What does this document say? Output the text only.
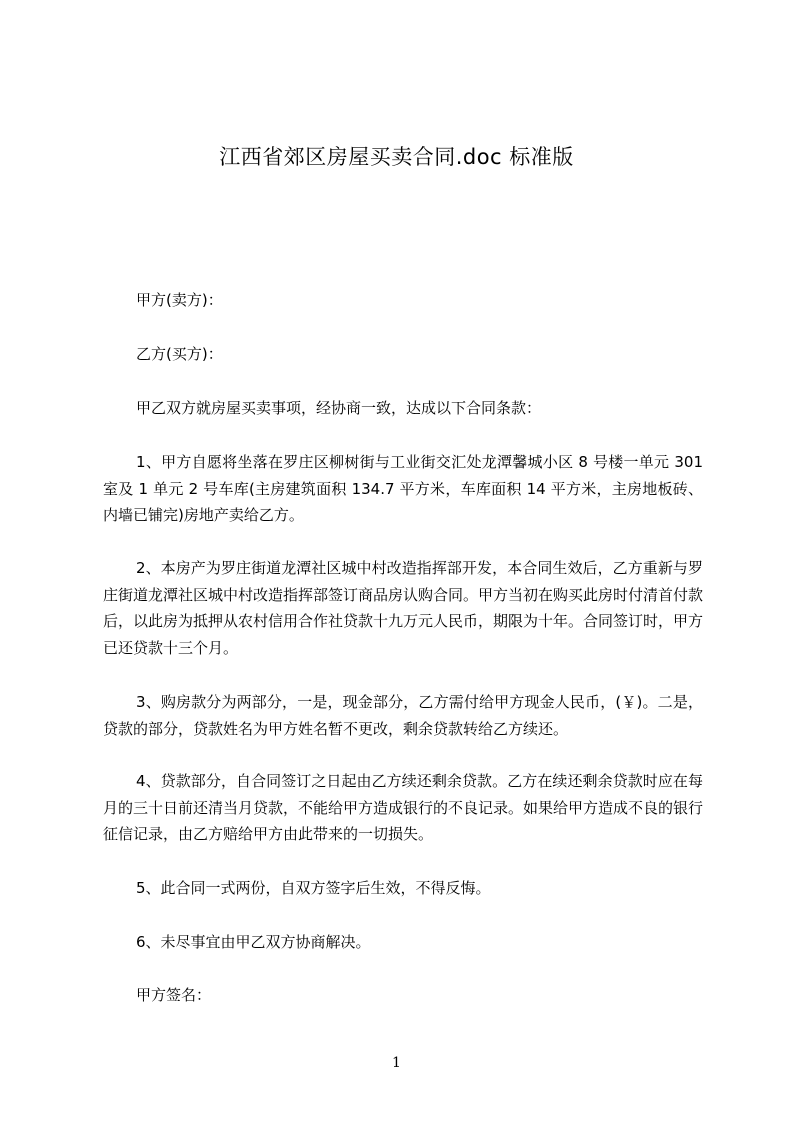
江西省郊区房屋买卖合同.doc 标准版

甲方(卖方)：

乙方(买方)：

甲乙双方就房屋买卖事项，经协商一致，达成以下合同条款：

1、甲方自愿将坐落在罗庄区柳树街与工业街交汇处龙潭馨城小区 8 号楼一单元 301 室及 1 单元 2 号车库(主房建筑面积 134.7 平方米，车库面积 14 平方米，主房地板砖、内墙已铺完)房地产卖给乙方。

2、本房产为罗庄街道龙潭社区城中村改造指挥部开发，本合同生效后，乙方重新与罗庄街道龙潭社区城中村改造指挥部签订商品房认购合同。甲方当初在购买此房时付清首付款后，以此房为抵押从农村信用合作社贷款十九万元人民币，期限为十年。合同签订时，甲方已还贷款十三个月。

3、购房款分为两部分，一是，现金部分，乙方需付给甲方现金人民币，(￥)。二是，贷款的部分，贷款姓名为甲方姓名暂不更改，剩余贷款转给乙方续还。

4、贷款部分，自合同签订之日起由乙方续还剩余贷款。乙方在续还剩余贷款时应在每月的三十日前还清当月贷款，不能给甲方造成银行的不良记录。如果给甲方造成不良的银行征信记录，由乙方赔给甲方由此带来的一切损失。

5、此合同一式两份，自双方签字后生效，不得反悔。

6、未尽事宜由甲乙双方协商解决。

甲方签名：

1
